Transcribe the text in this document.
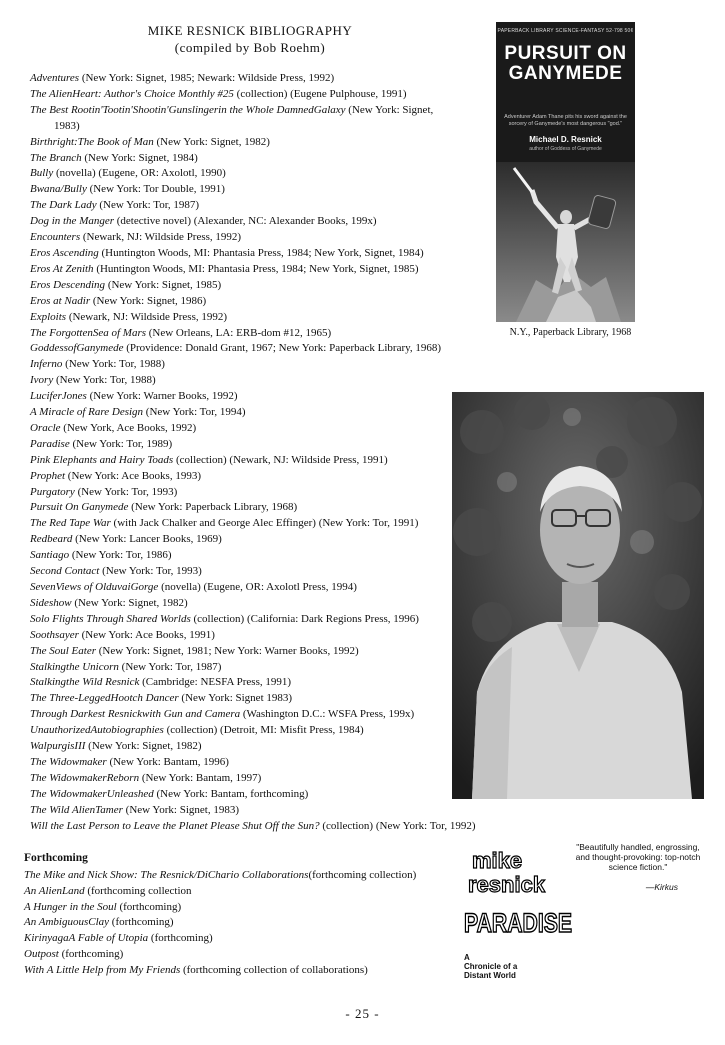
MIKE RESNICK BIBLIOGRAPHY
(compiled by Bob Roehm)
Adventures (New York: Signet, 1985; Newark: Wildside Press, 1992)
The AlienHeart: Author's Choice Monthly #25 (collection) (Eugene Pulphouse, 1991)
The Best Rootin'Tootin'Shootin'Gunslingerin the Whole DamnedGalaxy (New York: Signet,
1983)
Birthright:The Book of Man (New York: Signet, 1982)
The Branch (New York: Signet, 1984)
Bully (novella) (Eugene, OR: Axolotl, 1990)
Bwana/Bully (New York: Tor Double, 1991)
The Dark Lady (New York: Tor, 1987)
Dog in the Manger (detective novel) (Alexander, NC: Alexander Books, 199x)
Encounters (Newark, NJ: Wildside Press, 1992)
Eros Ascending (Huntington Woods, MI: Phantasia Press, 1984; New York, Signet, 1984)
Eros At Zenith (Huntington Woods, MI: Phantasia Press, 1984; New York, Signet, 1985)
Eros Descending (New York: Signet, 1985)
Eros at Nadir (New York: Signet, 1986)
Exploits (Newark, NJ: Wildside Press, 1992)
The ForgottenSea of Mars (New Orleans, LA: ERB-dom #12, 1965)
GoddessofGanymede (Providence: Donald Grant, 1967; New York: Paperback Library, 1968)
Inferno (New York: Tor, 1988)
Ivory (New York: Tor, 1988)
LuciferJones (New York: Warner Books, 1992)
A Miracle of Rare Design (New York: Tor, 1994)
Oracle (New York, Ace Books, 1992)
Paradise (New York: Tor, 1989)
Pink Elephants and Hairy Toads (collection) (Newark, NJ: Wildside Press, 1991)
Prophet (New York: Ace Books, 1993)
Purgatory (New York: Tor, 1993)
Pursuit On Ganymede (New York: Paperback Library, 1968)
The Red Tape War (with Jack Chalker and George Alec Effinger) (New York: Tor, 1991)
Redbeard (New York: Lancer Books, 1969)
Santiago (New York: Tor, 1986)
Second Contact (New York: Tor, 1993)
SevenViews of OlduvaiGorge (novella) (Eugene, OR: Axolotl Press, 1994)
Sideshow (New York: Signet, 1982)
Solo Flights Through Shared Worlds (collection) (California: Dark Regions Press, 1996)
Soothsayer (New York: Ace Books, 1991)
The Soul Eater (New York: Signet, 1981; New York: Warner Books, 1992)
Stalkingthe Unicorn (New York: Tor, 1987)
Stalkingthe Wild Resnick (Cambridge: NESFA Press, 1991)
The Three-LeggedHootch Dancer (New York: Signet 1983)
Through Darkest Resnickwith Gun and Camera (Washington D.C.: WSFA Press, 199x)
UnauthorizedAutobiographies (collection) (Detroit, MI: Misfit Press, 1984)
WalpurgisIII (New York: Signet, 1982)
The Widowmaker (New York: Bantam, 1996)
The WidowmakerReborn (New York: Bantam, 1997)
The WidowmakerUnleashed (New York: Bantam, forthcoming)
The Wild AlienTamer (New York: Signet, 1983)
Will the Last Person to Leave the Planet Please Shut Off the Sun? (collection) (New York: Tor, 1992)
Forthcoming
The Mike and Nick Show: The Resnick/DiChario Collaborations(forthcoming collection)
An AlienLand (forthcoming collection
A Hunger in the Soul (forthcoming)
An AmbiguousClay (forthcoming)
KirinyagaA Fable of Utopia (forthcoming)
Outpost (forthcoming)
With A Little Help from My Friends (forthcoming collection of collaborations)
PAPERBACK LIBRARY SCIENCE-FANTASY 52-798 50¢
PURSUIT ON
GANYMEDE
Adventurer Adam Thane pits his sword against the sorcery of Ganymede's most dangerous "god."
Michael D. Resnick
author of Goddess of Ganymede
N.Y., Paperback Library, 1968
mike
resnick
PARADISE
"Beautifully handled, engrossing, and thought-provoking: top-notch science fiction."
—Kirkus
A
Chronicle of a
Distant World
- 25 -
